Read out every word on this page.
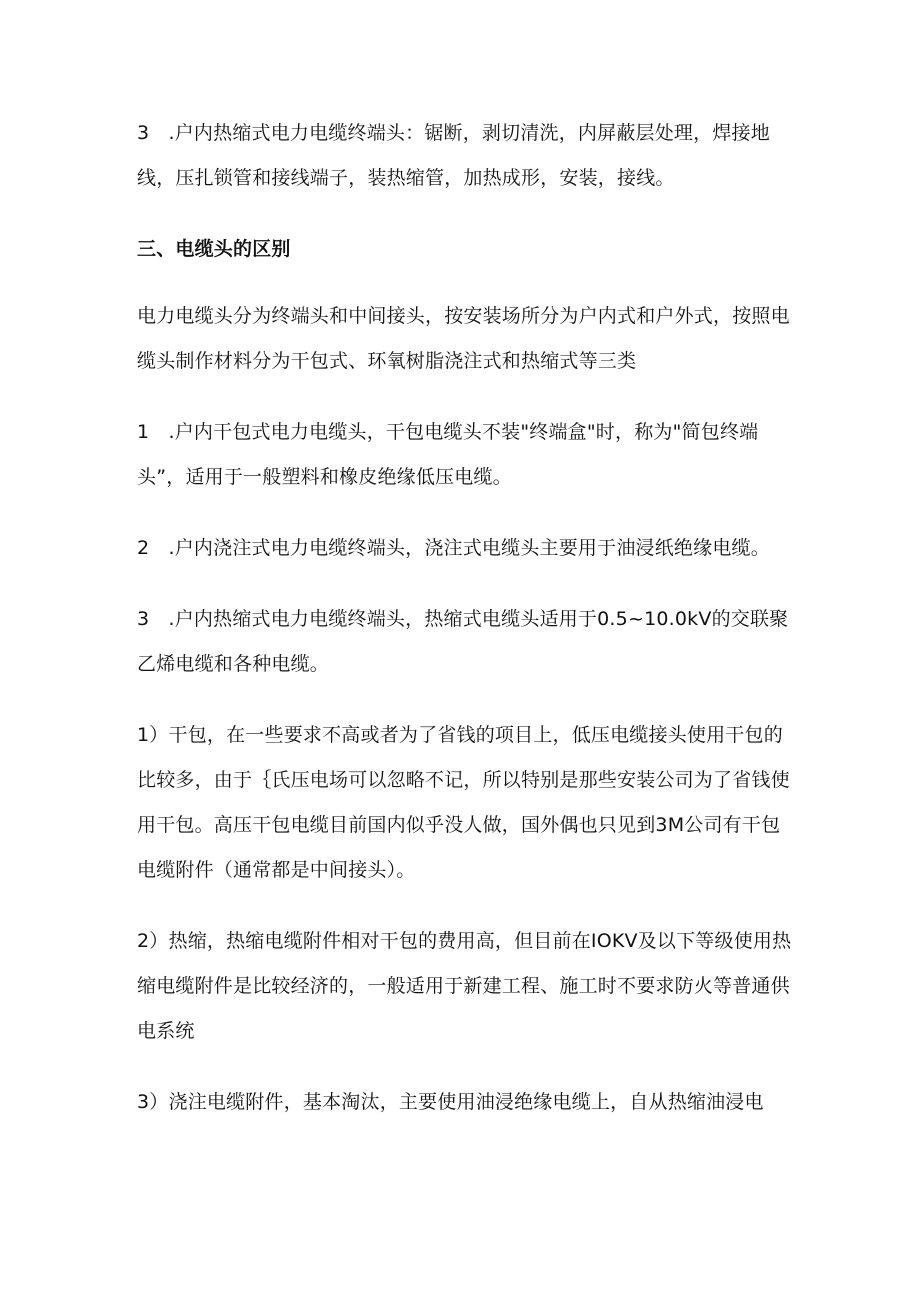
3　.户内热缩式电力电缆终端头：锯断，剥切清洗，内屏蔽层处理，焊接地线，压扎锁管和接线端子，装热缩管，加热成形，安装，接线。

三、电缆头的区别

电力电缆头分为终端头和中间接头，按安装场所分为户内式和户外式，按照电缆头制作材料分为干包式、环氧树脂浇注式和热缩式等三类

1　.户内干包式电力电缆头，干包电缆头不装"终端盒"时，称为"简包终端头”，适用于一般塑料和橡皮绝缘低压电缆。

2　.户内浇注式电力电缆终端头，浇注式电缆头主要用于油浸纸绝缘电缆。

3　.户内热缩式电力电缆终端头，热缩式电缆头适用于0.5~10.0kV的交联聚乙烯电缆和各种电缆。

1）干包，在一些要求不高或者为了省钱的项目上，低压电缆接头使用干包的比较多，由于｛氏压电场可以忽略不记，所以特别是那些安装公司为了省钱使用干包。高压干包电缆目前国内似乎没人做，国外偶也只见到3M公司有干包电缆附件（通常都是中间接头）。

2）热缩，热缩电缆附件相对干包的费用高，但目前在IOKV及以下等级使用热缩电缆附件是比较经济的，一般适用于新建工程、施工时不要求防火等普通供电系统

3）浇注电缆附件，基本淘汰，主要使用油浸绝缘电缆上，自从热缩油浸电
